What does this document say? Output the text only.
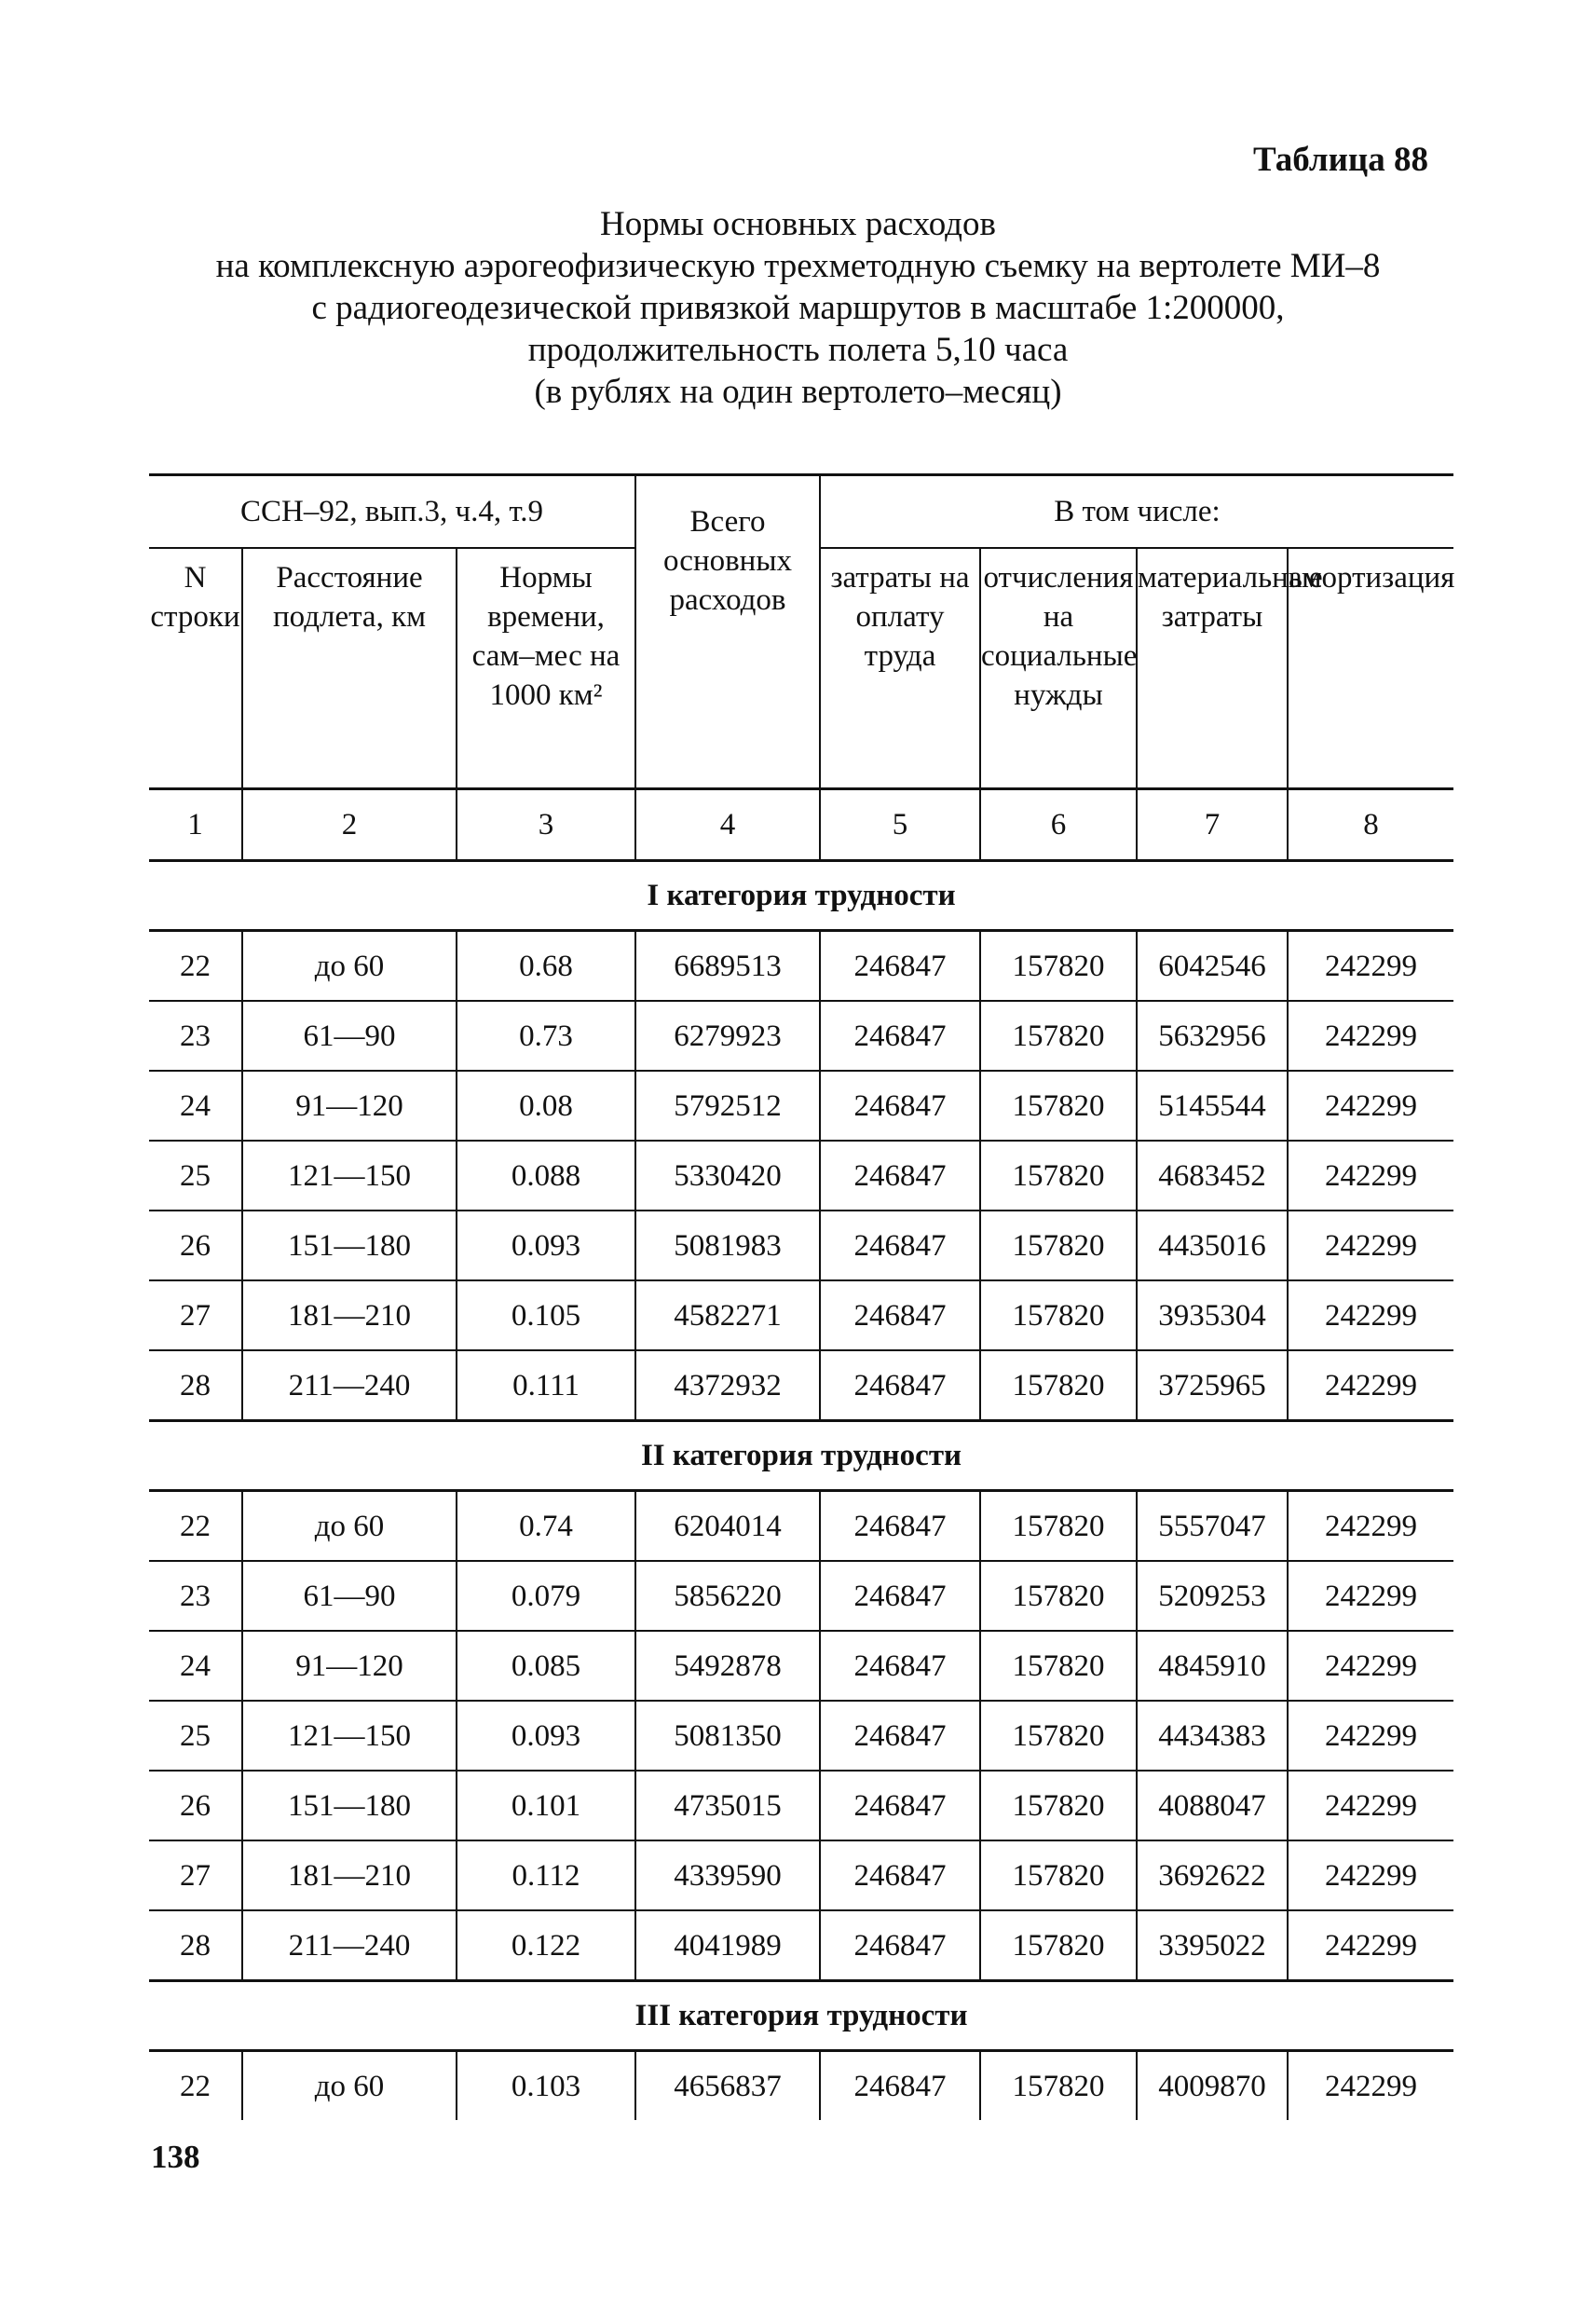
Таблица 88
Нормы основных расходов
на комплексную аэрогеофизическую трехметодную съемку на вертолете МИ–8
с радиогеодезической привязкой маршрутов в масштабе 1:200000,
продолжительность полета 5,10 часа
(в рублях на один вертолето–месяц)
ССН–92, вып.3, ч.4, т.9			Всего основных расходов	В том числе:			
N строки	Расстояние подлета, км	Нормы времени, сам–мес на 1000 км²		затраты на оплату труда	отчисления на социальные нужды	материальные затраты	амортизация
1	2	3	4	5	6	7	8
I категория трудности							
22	до 60	0.68	6689513	246847	157820	6042546	242299
23	61—90	0.73	6279923	246847	157820	5632956	242299
24	91—120	0.08	5792512	246847	157820	5145544	242299
25	121—150	0.088	5330420	246847	157820	4683452	242299
26	151—180	0.093	5081983	246847	157820	4435016	242299
27	181—210	0.105	4582271	246847	157820	3935304	242299
28	211—240	0.111	4372932	246847	157820	3725965	242299
II категория трудности							
22	до 60	0.74	6204014	246847	157820	5557047	242299
23	61—90	0.079	5856220	246847	157820	5209253	242299
24	91—120	0.085	5492878	246847	157820	4845910	242299
25	121—150	0.093	5081350	246847	157820	4434383	242299
26	151—180	0.101	4735015	246847	157820	4088047	242299
27	181—210	0.112	4339590	246847	157820	3692622	242299
28	211—240	0.122	4041989	246847	157820	3395022	242299
III категория трудности							
22	до 60	0.103	4656837	246847	157820	4009870	242299
138
